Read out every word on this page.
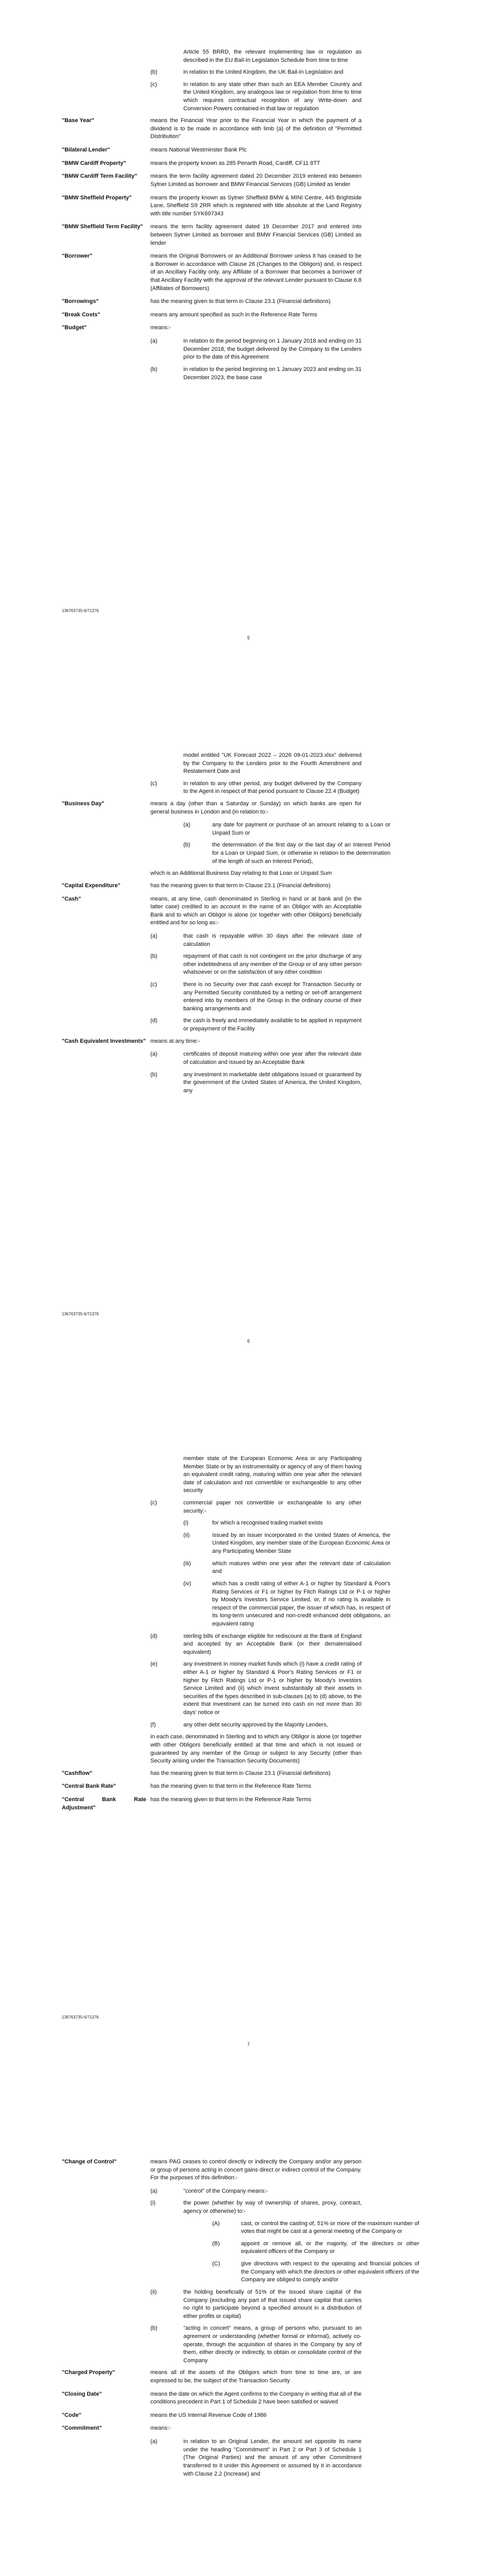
Article 55 BRRD, the relevant implementing law or regulation as described in the EU Bail-In Legislation Schedule from time to time
(b)	in relation to the United Kingdom, the UK Bail-In Legislation and
(c)	in relation to any state other than such an EEA Member Country and the United Kingdom, any analogous law or regulation from time to time which requires contractual recognition of any Write-down and Conversion Powers contained in that law or regulation
"Base Year"	means the Financial Year prior to the Financial Year in which the payment of a dividend is to be made in accordance with limb (a) of the definition of "Permitted Distribution"
"Bilateral Lender"	means National Westminster Bank Plc
"BMW Cardiff Property"	means the property known as 285 Penarth Road, Cardiff, CF11 8TT
"BMW Cardiff Term Facility"	means the term facility agreement dated 20 December 2019 entered into between Sytner Limited as borrower and BMW Financial Services (GB) Limited as lender
"BMW Sheffield Property"	means the property known as Sytner Sheffield BMW & MINI Centre, 445 Brightside Lane, Sheffield S9 2RR which is registered with title absolute at the Land Registry with title number SYK697343
"BMW Sheffield Term Facility"	means the term facility agreement dated 19 December 2017 and entered into between Sytner Limited as borrower and BMW Financial Services (GB) Limited as lender
"Borrower"	means the Original Borrowers or an Additional Borrower unless it has ceased to be a Borrower in accordance with Clause 26 (Changes to the Obligors) and, in respect of an Ancillary Facility only, any Affiliate of a Borrower that becomes a borrower of that Ancillary Facility with the approval of the relevant Lender pursuant to Clause 6.8 (Affiliates of Borrowers)
"Borrowings"	has the meaning given to that term in Clause 23.1 (Financial definitions)
"Break Costs"	means any amount specified as such in the Reference Rate Terms
"Budget"	means:-
(a)	in relation to the period beginning on 1 January 2018 and ending on 31 December 2018, the budget delivered by the Company to the Lenders prior to the date of this Agreement
(b)	in relation to the period beginning on 1 January 2023 and ending on 31 December 2023, the base case
136763735-6/71376
5
model entitled "UK Forecast 2022 – 2026 09-01-2023.xlsx" delivered by the Company to the Lenders prior to the Fourth Amendment and Restatement Date and
(c)	in relation to any other period, any budget delivered by the Company to the Agent in respect of that period pursuant to Clause 22.4 (Budget)
"Business Day"	means a day (other than a Saturday or Sunday) on which banks are open for general business in London and (in relation to:-
(a)	any date for payment or purchase of an amount relating to a Loan or Unpaid Sum or
(b)	the determination of the first day or the last day of an Interest Period for a Loan or Unpaid Sum, or otherwise in relation to the determination of the length of such an Interest Period),
which is an Additional Business Day relating to that Loan or Unpaid Sum
"Capital Expenditure"	has the meaning given to that term in Clause 23.1 (Financial definitions)
"Cash"	means, at any time, cash denominated in Sterling in hand or at bank and (in the latter case) credited to an account in the name of an Obligor with an Acceptable Bank and to which an Obligor is alone (or together with other Obligors) beneficially entitled and for so long as:-
(a)	that cash is repayable within 30 days after the relevant date of calculation
(b)	repayment of that cash is not contingent on the prior discharge of any other indebtedness of any member of the Group or of any other person whatsoever or on the satisfaction of any other condition
(c)	there is no Security over that cash except for Transaction Security or any Permitted Security constituted by a netting or set-off arrangement entered into by members of the Group in the ordinary course of their banking arrangements and
(d)	the cash is freely and immediately available to be applied in repayment or prepayment of the Facility
"Cash Equivalent Investments" means at any time:-
(a)	certificates of deposit maturing within one year after the relevant date of calculation and issued by an Acceptable Bank
(b)	any investment in marketable debt obligations issued or guaranteed by the government of the United States of America, the United Kingdom, any
136763735-6/71376
6
member state of the European Economic Area or any Participating Member State or by an instrumentality or agency of any of them having an equivalent credit rating, maturing within one year after the relevant date of calculation and not convertible or exchangeable to any other security
(c)	commercial paper not convertible or exchangeable to any other security:-
(i)	for which a recognised trading market exists
(ii)	issued by an issuer incorporated in the United States of America, the United Kingdom, any member state of the European Economic Area or any Participating Member State
(iii)	which matures within one year after the relevant date of calculation and
(iv)	which has a credit rating of either A-1 or higher by Standard & Poor's Rating Services or F1 or higher by Fitch Ratings Ltd or P-1 or higher by Moody's Investors Service Limited, or, if no rating is available in respect of the commercial paper, the issuer of which has, in respect of its long-term unsecured and non-credit enhanced debt obligations, an equivalent rating
(d)	sterling bills of exchange eligible for rediscount at the Bank of England and accepted by an Acceptable Bank (or their dematerialised equivalent)
(e)	any investment in money market funds which (i) have a credit rating of either A-1 or higher by Standard & Poor's Rating Services or F1 or higher by Fitch Ratings Ltd or P-1 or higher by Moody's Investors Service Limited and (ii) which invest substantially all their assets in securities of the types described in sub-clauses (a) to (d) above, to the extent that investment can be turned into cash on not more than 30 days' notice or
(f)	any other debt security approved by the Majority Lenders,
in each case, denominated in Sterling and to which any Obligor is alone (or together with other Obligors beneficially entitled at that time and which is not issued or guaranteed by any member of the Group or subject to any Security (other than Security arising under the Transaction Security Documents)
"Cashflow"	has the meaning given to that term in Clause 23.1 (Financial definitions)
"Central Bank Rate"	has the meaning given to that term in the Reference Rate Terms
"Central Bank Rate Adjustment"
has the meaning given to that term in the Reference Rate Terms
136763735-6/71376
7
"Change of Control"	means PAG ceases to control directly or indirectly the Company and/or any person or group of persons acting in concert gains direct or indirect control of the Company. For the purposes of this definition:-
(a)	"control" of the Company means:-
(i)	the power (whether by way of ownership of shares, proxy, contract, agency or otherwise) to:-
(A)	cast, or control the casting of, 51% or more of the maximum number of votes that might be cast at a general meeting of the Company or
(B)	appoint or remove all, or the majority, of the directors or other equivalent officers of the Company or
(C)	give directions with respect to the operating and financial policies of the Company with which the directors or other equivalent officers of the Company are obliged to comply and/or
(ii)	the holding beneficially of 51% of the issued share capital of the Company (excluding any part of that issued share capital that carries no right to participate beyond a specified amount in a distribution of either profits or capital)
(b)	"acting in concert" means, a group of persons who, pursuant to an agreement or understanding (whether formal or informal), actively co-operate, through the acquisition of shares in the Company by any of them, either directly or indirectly, to obtain or consolidate control of the Company
"Charged Property"	means all of the assets of the Obligors which from time to time are, or are expressed to be, the subject of the Transaction Security
"Closing Date"	means the date on which the Agent confirms to the Company in writing that all of the conditions precedent in Part 1 of Schedule 2 have been satisfied or waived
"Code"	means the US Internal Revenue Code of 1986
"Commitment"	means:-
(a)	in relation to an Original Lender, the amount set opposite its name under the heading "Commitment" in Part 2 or Part 3 of Schedule 1 (The Original Parties) and the amount of any other Commitment transferred to it under this Agreement or assumed by it in accordance with Clause 2.2 (Increase) and
